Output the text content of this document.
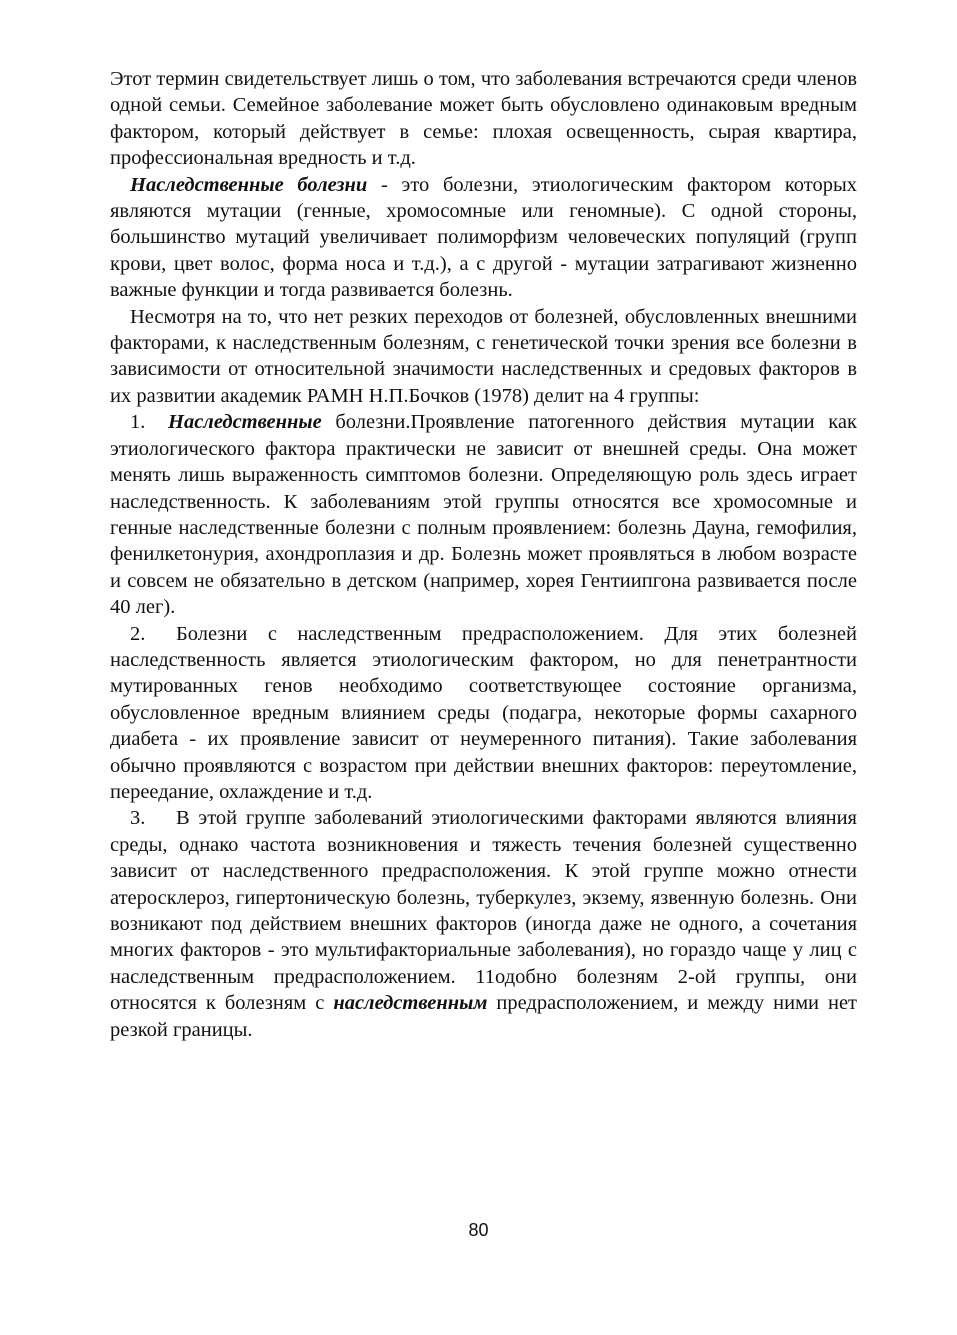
Этот термин свидетельствует лишь о том, что заболевания встречаются среди членов одной семьи. Семейное заболевание может быть обусловлено одинаковым вредным фактором, который действует в семье: плохая освещенность, сырая квартира, профессиональная вредность и т.д.

Наследственные болезни - это болезни, этиологическим фактором которых являются мутации (генные, хромосомные или геномные). С одной стороны, большинство мутаций увеличивает полиморфизм человеческих популяций (групп крови, цвет волос, форма носа и т.д.), а с другой - мутации затрагивают жизненно важные функции и тогда развивается болезнь.

Несмотря на то, что нет резких переходов от болезней, обусловленных внешними факторами, к наследственным болезням, с генетической точки зрения все болезни в зависимости от относительной значимости наследственных и средовых факторов в их развитии академик РАМН Н.П.Бочков (1978) делит на 4 группы:

1. Наследственные болезни.Проявление патогенного действия мутации как этиологического фактора практически не зависит от внешней среды. Она может менять лишь выраженность симптомов болезни. Определяющую роль здесь играет наследственность. К заболеваниям этой группы относятся все хромосомные и генные наследственные болезни с полным проявлением: болезнь Дауна, гемофилия, фенилкетонурия, ахондроплазия и др. Болезнь может проявляться в любом возрасте и совсем не обязательно в детском (например, хорея Гентиипгона развивается после 40 лег).

2. Болезни с наследственным предрасположением. Для этих болезней наследственность является этиологическим фактором, но для пенетрантности мутированных генов необходимо соответствующее состояние организма, обусловленное вредным влиянием среды (подагра, некоторые формы сахарного диабета - их проявление зависит от неумеренного питания). Такие заболевания обычно проявляются с возрастом при действии внешних факторов: переутомление, переедание, охлаждение и т.д.

3. В этой группе заболеваний этиологическими факторами являются влияния среды, однако частота возникновения и тяжесть течения болезней существенно зависит от наследственного предрасположения. К этой группе можно отнести атеросклероз, гипертоническую болезнь, туберкулез, экзему, язвенную болезнь. Они возникают под действием внешних факторов (иногда даже не одного, а сочетания многих факторов - это мультифакториальные заболевания), но гораздо чаще у лиц с наследственным предрасположением. 11одобно болезням 2-ой группы, они относятся к болезням с наследственным предрасположением, и между ними нет резкой границы.

80
